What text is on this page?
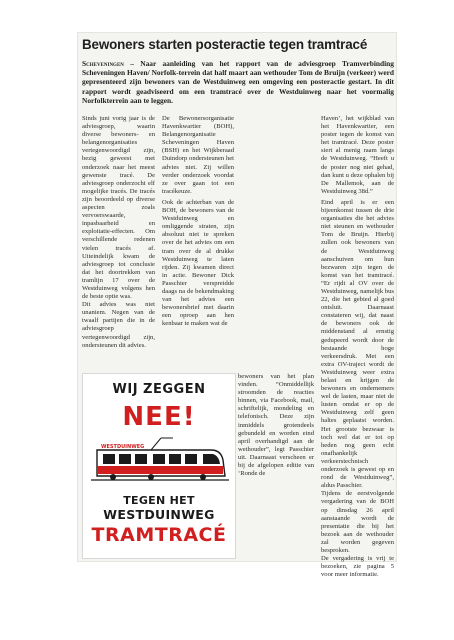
Bewoners starten posteractie tegen tramtracé
Scheveningen – Naar aanleiding van het rapport van de adviesgroep Tramverbinding Scheveningen Haven/ Norfolk-terrein dat half maart aan wethouder Tom de Bruijn (verkeer) werd gepresenteerd zijn bewoners van de Westduinweg een omgeving een posteractie gestart. In dit rapport wordt geadviseerd om een tramtracé over de Westduinweg naar het voormalig Norfolkterrein aan te leggen.

Sinds juni vorig jaar is de adviesgroep, waarin diverse bewoners- en belangenorganisaties vertegenwoordigd zijn, bezig geweest met onderzoek naar het meest gewenste tracé. De adviesgroep onderzocht elf mogelijke tracés. De tracés zijn beoordeeld op diverse aspecten zoals vervoerswaarde, inpasbaarheid en exploitatie-effecten. Om verschillende redenen vielen tracés af. Uiteindelijk kwam de adviesgroep tot conclusie dat het doortrekken van tramlijn 17 over de Westduinweg volgens hen de beste optie was.

Dit advies was niet unaniem. Negen van de twaalf partijen die in de adviesgroep vertegenwoordigd zijn, ondersteunen dit advies.

De Bewonersorganisatie Havenkwartier (BOH), Belangenorganisatie Scheveningen Haven (BSH) en het Wijkberaad Duindorp ondersteunen het advies niet. Zij willen verder onderzoek voordat ze over gaan tot een tracékeuze.

Ook de achterban van de BOH, de bewoners van de Westduinweg en omliggende straten, zijn absoluut niet te spreken over de het advies om een tram over de al drukke Westduinweg te laten rijden. Zij kwamen direct in actie. Bewoner Dick Passchier verspreidde daags na de bekendmaking van het advies een bewonersbrief met daarin een oproep aan hen kenbaar te maken wat de

bewoners van het plan vinden. “Onmiddellijk stroomden de reacties binnen, via Facebook, mail, schriftelijk, mondeling en telefonisch. Deze zijn inmiddels grotendeels gebundeld en worden eind april overhandigd aan de wethouder”, legt Passchier uit. Daarnaast verscheen er bij de afgelopen editie van ‘Ronde de

Haven’, het wijkblad van het Havenkwartier, een poster tegen de komst van het tramtracé. Deze poster siert al menig raam langs de Westduinweg. “Heeft u de poster nog niet gehad, dan kunt u deze ophalen bij De Mallemok, aan de Westduinweg 38d.”

Eind april is er een bijeenkomst tussen de drie organisaties die het advies niet steunen en wethouder Tom de Bruijn. Hierbij zullen ook bewoners van de Westduinweg aanschuiven om hun bezwaren zijn tegen de komst van het tramtracé. “Er rijdt al OV over de Westduinweg, namelijk bus 22, die het gebied al goed ontsluit. Daarnaast constateren wij, dat naast de bewoners ook de middenstand al ernstig gedupeerd wordt door de bestaande hoge verkeersdruk. Met een extra OV-traject wordt de Westduinweg weer extra belast en krijgen de bewoners en ondernemers wel de lasten, maar niet de lusten omdat er op de Westduinweg zelf geen haltes geplaatst worden. Het grootste bezwaar is toch wel dat er tot op heden nog geen echt onafhankelijk verkeerstechnisch onderzoek is gewest op en rond de Westduinweg”, aldus Passchier.

Tijdens de eerstvolgende vergadering van de BOH op dinsdag 26 april aanstaande wordt de presentatie die bij het bezoek aan de wethouder zal worden gegeven besproken.

De vergadering is vrij te bezoeken, zie pagina 5 voor meer informatie.

WIJ ZEGGEN
NEE!
WESTDUINWEG
TEGEN HET
WESTDUINWEG
TRAMTRACÉ
